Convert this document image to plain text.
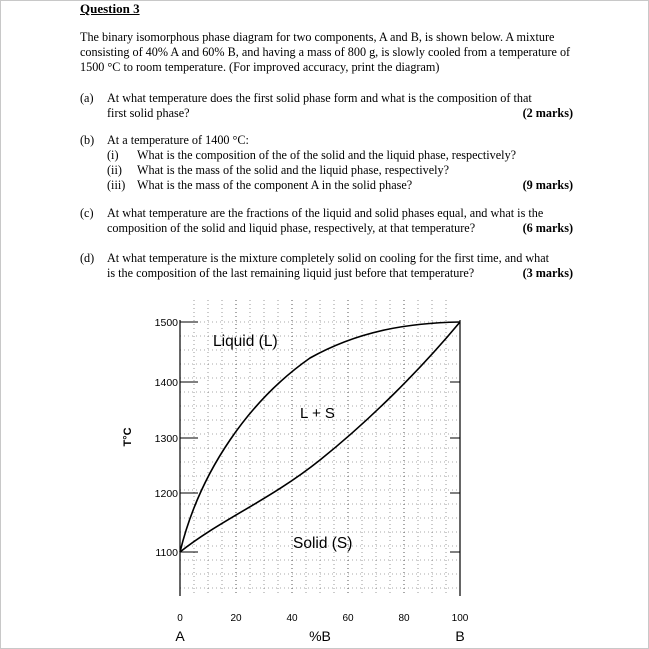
Question 3
The binary isomorphous phase diagram for two components, A and B, is shown below. A mixture consisting of 40% A and 60% B, and having a mass of 800 g, is slowly cooled from a temperature of 1500 °C to room temperature. (For improved accuracy, print the diagram)
(a) At what temperature does the first solid phase form and what is the composition of that
first solid phase?	(2 marks)
(b) At a temperature of 1400 °C:
(i) What is the composition of the of the solid and the liquid phase, respectively?
(ii) What is the mass of the solid and the liquid phase, respectively?
(iii) What is the mass of the component A in the solid phase?	(9 marks)
(c) At what temperature are the fractions of the liquid and solid phases equal, and what is the
composition of the solid and liquid phase, respectively, at that temperature?	(6 marks)
(d) At what temperature is the mixture completely solid on cooling for the first time, and what
is the composition of the last remaining liquid just before that temperature?	(3 marks)
1500
1400
1300
1200
1100
T°C
Liquid (L)
L + S
Solid (S)
0	20	40	60	80	100
A	%B	B
